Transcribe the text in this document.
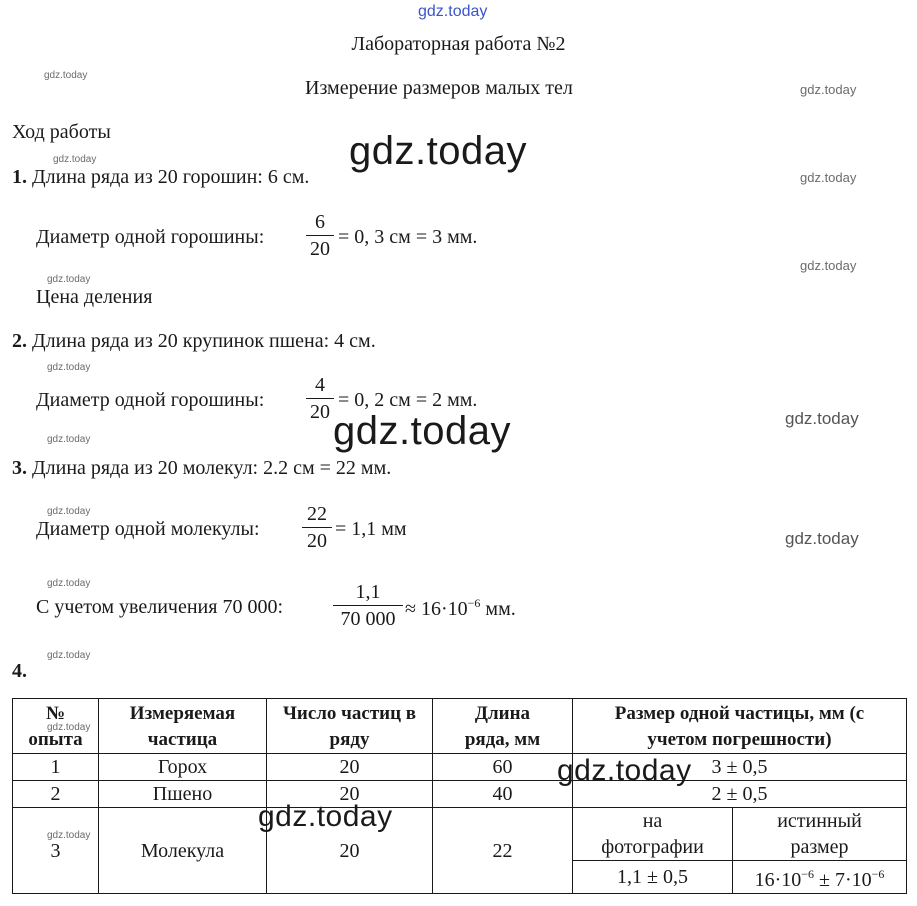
gdz.today
Лабораторная работа №2
Измерение размеров малых тел
Ход работы
1. Длина ряда из 20 горошин: 6 см.
Диаметр одной горошины:
6
20
= 0, 3 см = 3 мм.
Цена деления
2. Длина ряда из 20 крупинок пшена: 4 см.
Диаметр одной горошины:
4
20
= 0, 2 см = 2 мм.
3. Длина ряда из 20 молекул: 2.2 см = 22 мм.
Диаметр одной молекулы:
22
20
= 1,1 мм
С учетом увеличения 70 000:
1,1
70 $000 \approx 16\cdot 10^{-6}$ мм.
4.
№ опыта	Измеряемая частица	Число частиц в ряду	Длина ряда, мм	Размер одной частицы, мм (с учетом погрешности)	
1	Горох	20	60	3 ± 0,5	
2	Пшено	20	40	2 ± 0,5	
3	Молекула	20	22	на фотографии	истинный размер
				1,1 ± 0,5	$16\cdot 10^{-6} \pm 7\cdot 10^{-6}$
gdz.today
gdz.today
gdz.today
gdz.today
gdz.today
gdz.today
gdz.today
gdz.today
gdz.today
gdz.today
gdz.today
gdz.today
gdz.today
gdz.today
gdz.today
gdz.today
gdz.today
gdz.today
gdz.today
